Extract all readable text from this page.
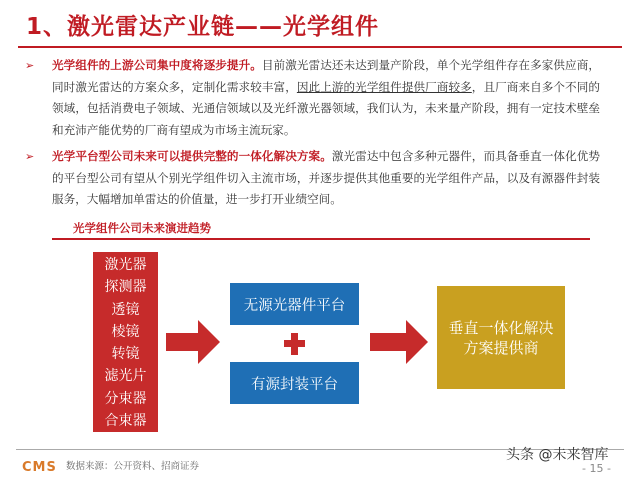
1、激光雷达产业链——光学组件
➢ 光学组件的上游公司集中度将逐步提升。目前激光雷达还未达到量产阶段，单个光学组件存在多家供应商，同时激光雷达的方案众多，定制化需求较丰富，因此上游的光学组件提供厂商较多，且厂商来自多个不同的领域，包括消费电子领域、光通信领域以及光纤激光器领域，我们认为，未来量产阶段，拥有一定技术壁垒和充沛产能优势的厂商有望成为市场主流玩家。
➢ 光学平台型公司未来可以提供完整的一体化解决方案。激光雷达中包含多种元器件，而具备垂直一体化优势的平台型公司有望从个别光学组件切入主流市场，并逐步提供其他重要的光学组件产品，以及有源器件封装服务，大幅增加单雷达的价值量，进一步打开业绩空间。
光学组件公司未来演进趋势
激光器
探测器
透镜
棱镜
转镜
滤光片
分束器
合束器
无源光器件平台
有源封装平台
垂直一体化解决
方案提供商
CMS 数据来源：公开资料、招商证券
头条 @未来智库
- 15 -
